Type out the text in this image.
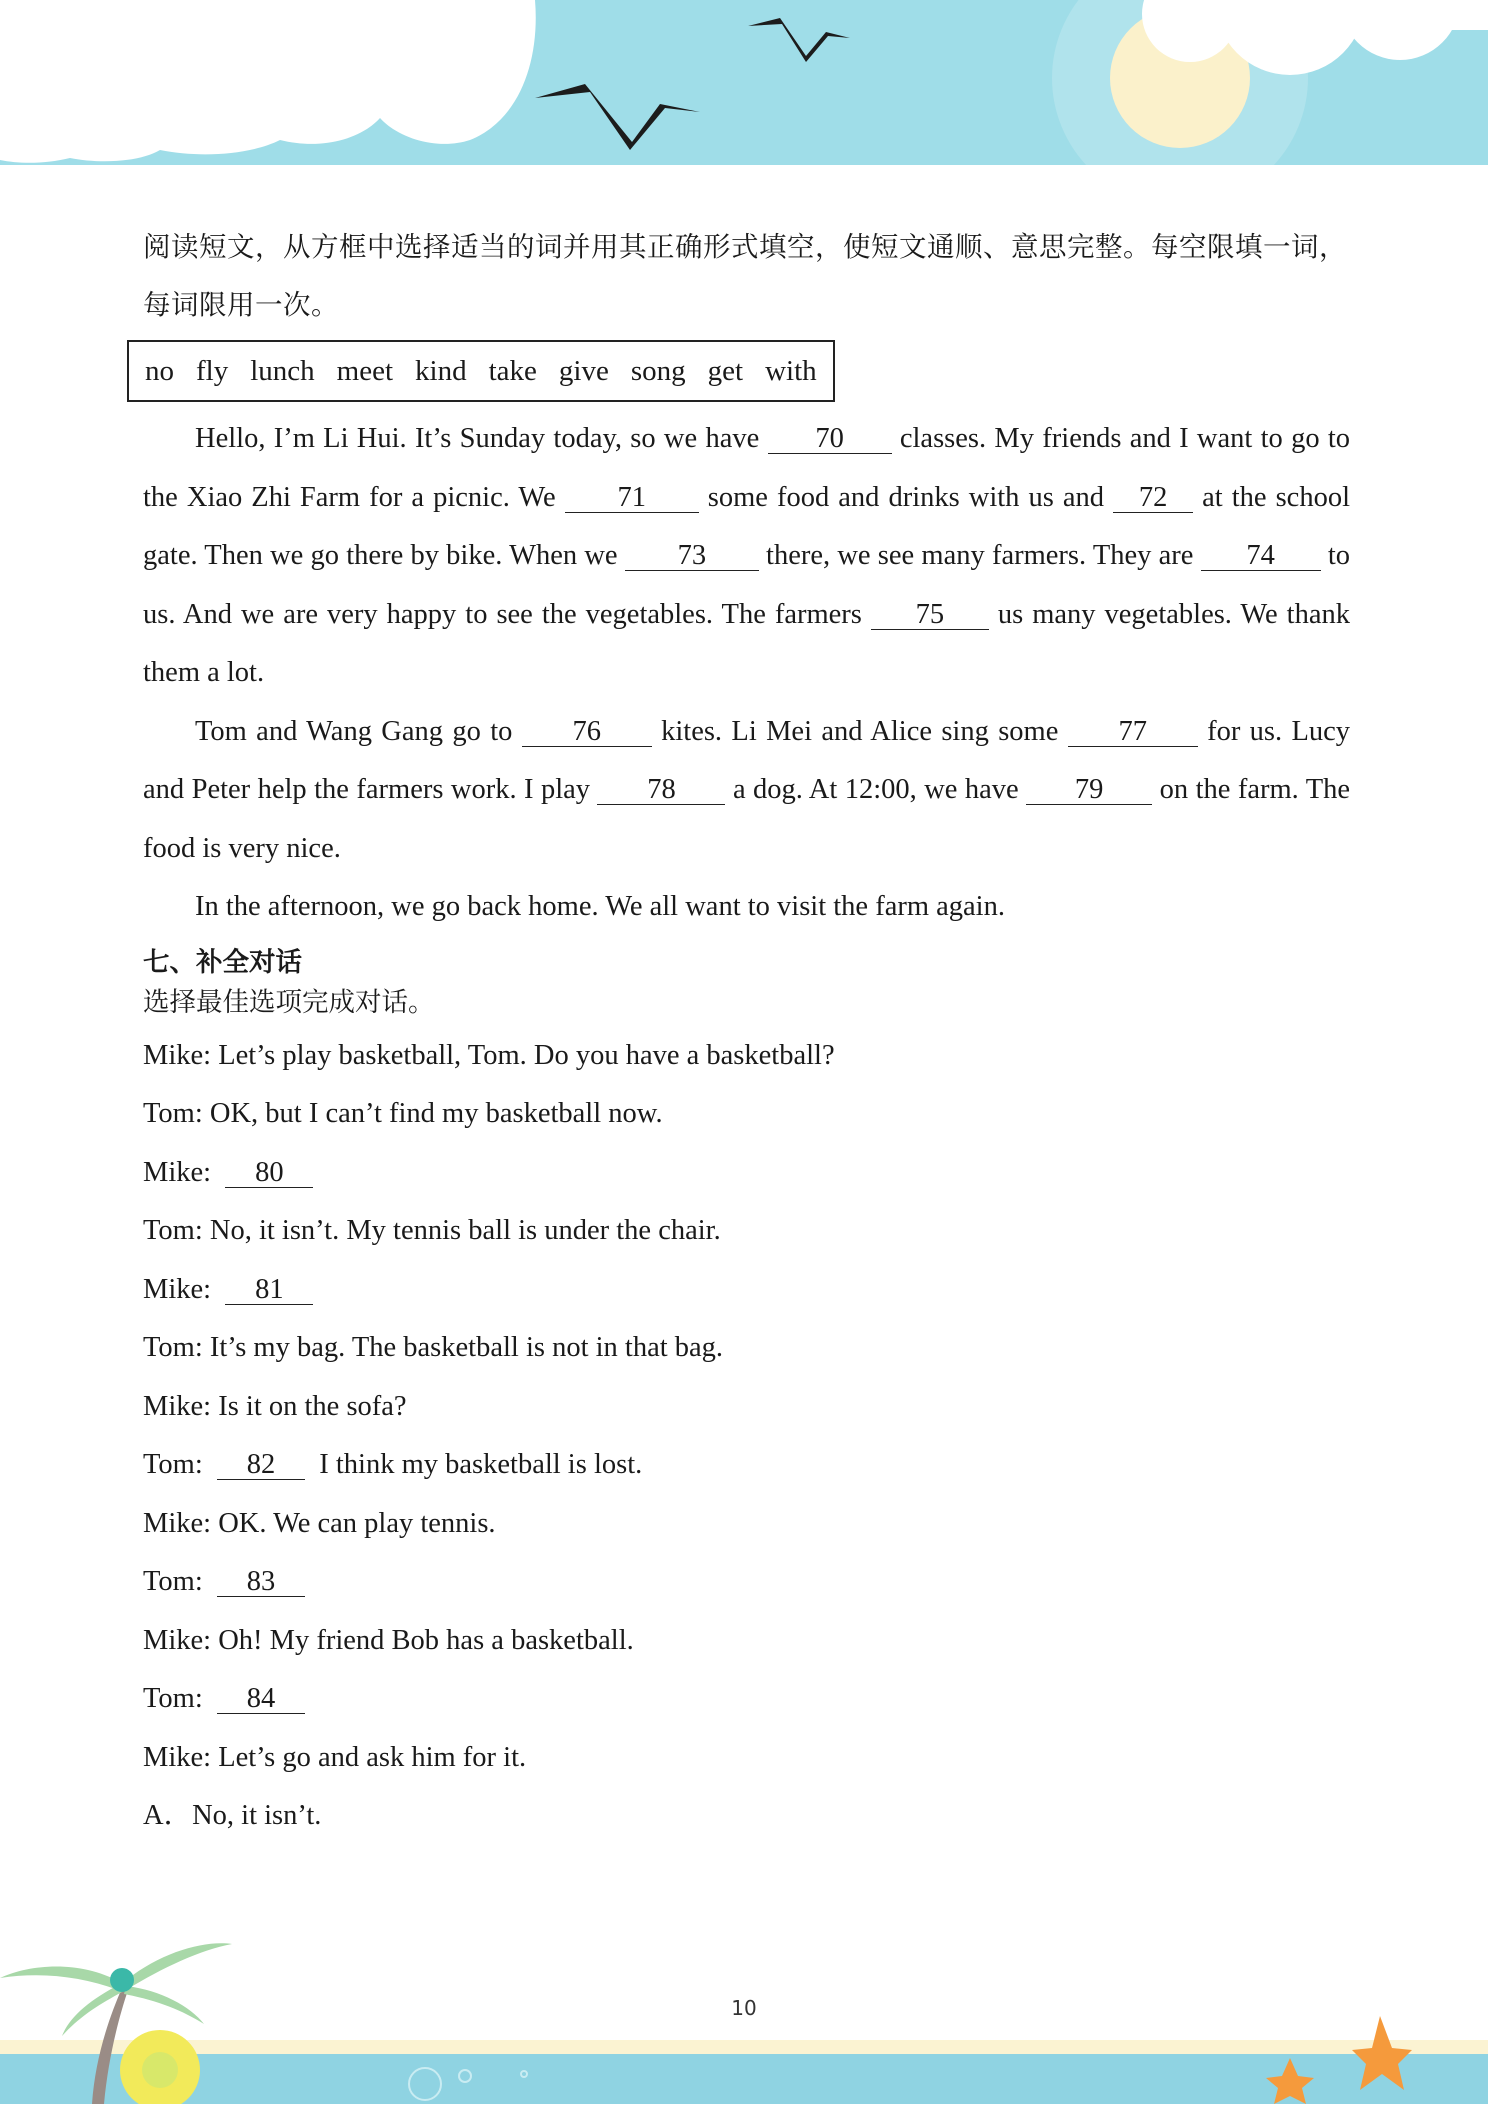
阅读短文，从方框中选择适当的词并用其正确形式填空，使短文通顺、意思完整。每空限填一词，每词限用一次。

no fly lunch meet kind take give song get with

Hello, I’m Li Hui. It’s Sunday today, so we have 70 classes. My friends and I want to go to the Xiao Zhi Farm for a picnic. We 71 some food and drinks with us and 72 at the school gate. Then we go there by bike. When we 73 there, we see many farmers. They are 74 to us. And we are very happy to see the vegetables. The farmers 75 us many vegetables. We thank them a lot.

Tom and Wang Gang go to 76 kites. Li Mei and Alice sing some 77 for us. Lucy and Peter help the farmers work. I play 78 a dog. At 12:00, we have 79 on the farm. The food is very nice.

In the afternoon, we go back home. We all want to visit the farm again.

七、补全对话

选择最佳选项完成对话。

Mike: Let’s play basketball, Tom. Do you have a basketball?

Tom: OK, but I can’t find my basketball now.

Mike: 80

Tom: No, it isn’t. My tennis ball is under the chair.

Mike: 81

Tom: It’s my bag. The basketball is not in that bag.

Mike: Is it on the sofa?

Tom: 82 I think my basketball is lost.

Mike: OK. We can play tennis.

Tom: 83

Mike: Oh! My friend Bob has a basketball.

Tom: 84

Mike: Let’s go and ask him for it.

A．No, it isn’t.

10
